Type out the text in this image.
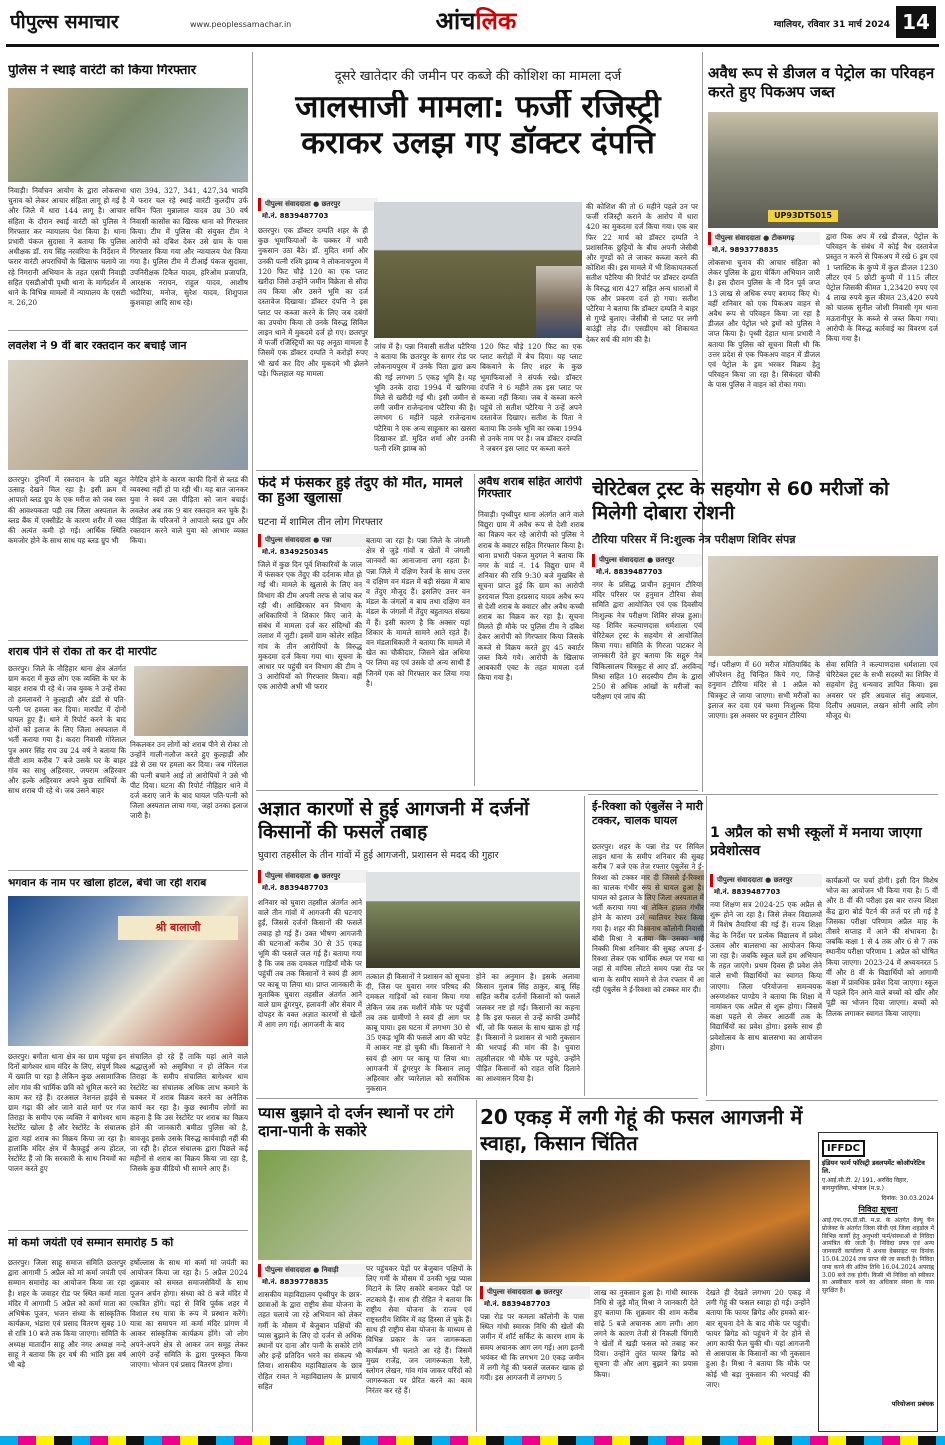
पीपुल्स समाचार	www.peoplessamachar.in	आंचलिक	ग्वालियर, रविवार 31 मार्च 2024 14
पुलिस ने स्थाई वारंटी को किया गिरफ्तार
निवाड़ी। निर्वाचन आयोग के द्वारा लोकसभा चुनाव को लेकर आचार संहिता लागू हो गई है और जिले में धारा 144 लागू है। आचार संहिता के दौरान स्थाई वारंटी को पुलिस ने गिरफ्तार कर न्यायालय पेश किया है। थाना प्रभारी पंकज सुदासा ने बताया कि पुलिस अधीक्षक डॉ. राय सिंह नरवरिया के निर्देशन में फरार वारंटी अपराधियों के खिलाफ चलाये जा रहे निगरानी अभियान के तहत एसपी निवाड़ी सहित एसडीओपी पृथ्वी थाना के मार्गदर्शन में थाने के विभिन्न मामलों में न्यायालय के एसटी न. 26,20
धारा 394, 327, 341, 427,34 भादवि में फरार चल रहे स्थाई वारंटी कुलदीप उर्फ सचिन पिता मुन्नालाल यादव उम्र 30 वर्ष निवासी कासोंस का खिरक थाना को गिरफ्तार किया। टीम में पुलिस की संयुक्त टीम ने आरोपी को दबिश देकर उसे ग्राम के पास गिरफ्तार किया गया और न्यायालय पेश किया गया है। पुलिस टीम में टीआई पंकज सुदासा, उपनिरीक्षक टिकैत यादव, हरिओम प्रजापति, आरक्षक नरायन, राहुल यादव, आशीष भदौरिया, मनोज, सुरेश यादव, शिशुपाल कुशवाहा आदि साथ रहे।
लवलेश ने 9 वीं बार रक्तदान कर बचाई जान
छतरपुर। दुनियाँ में रक्तदान के प्रति बहुत उत्साह देखने मिल रहा है। इसी क्रम में आपातो ब्लड ग्रुप के एक मरीज को जब रक्त की आवश्यकता पड़ी तब जिला अस्पताल के ब्लड बैंक में एक्सीडेंट के कारण शरीर में रक्त की अत्यंत कमी हो गई। आर्थिक स्थिति कमजोर होने के साथ साथ यह ब्लड ग्रुप भी
नेगेटिव होने के कारण काफी दिनों से ब्लड की व्यवस्था नहीं हो पा रही थी। यह बात जानकर युवा ने स्वयं उस पीड़िता को जान बचाई। लवलेश अब तक 9 बार रक्तदान कर चुके हैं। पीड़िता के परिजनों ने आपातो ब्लड ग्रुप और रक्तदान करने वाले युवा को आभार व्यक्त किया।
शराब पीने से रोका तो कर दी मारपीट
छतरपुर। जिले के नौहिहार थाना क्षेत्र अंतर्गत ग्राम कदरा में कुछ लोग एक व्यक्ति के घर के बाहर शराब पी रहे थे। जब युवक ने उन्हें रोका तो हमलावरों ने कुल्हाड़ी और डंडों से पति-पत्नी पर हमला कर दिया। मारपीट में दोनों घायल हुए हैं। थाने में रिपोर्ट करने के बाद दोनों को इलाज के लिए जिला अस्पताल में भर्ती कराया गया है। कदरा निवासी गोरेलाल पुत्र अमर सिंह राय उम्र 24 वर्ष ने बताया कि वीती शाम करीब 7 बजे उसके घर के बाहर गांव का साधु अहिरवार, जयराम अहिरवार और हल्के अहिरवार अपने कुछ साथियों के साथ शराब पी रहे थे। जब उसने बाहर
निकलकर उन लोगों को शराब पीने से रोका तो उन्होंने गाली-गलौज करते हुए कुल्हाड़ी और डंडे से उस पर हमला कर दिया। जब गोरेलाल की पत्नी बचाने आई तो आरोपियों ने उसे भी पीट दिया। घटना की रिपोर्ट नौहिहार थाने में दर्ज कराए जाने के बाद घायल पति-पत्नी को जिला अस्पताल लाया गया, जहां उनका इलाज जारी है।
भगवान के नाम पर खोला होटल, बेची जा रही शराब
श्री बालाजी
छतरपुर। बगौता थाना क्षेत्र का ग्राम पहुंचा इन दिनों बागेश्वर धाम मंदिर के लिए, संपूर्ण विश्व में ख्याति पा रहा है लेकिन कुछ असामाजिक लोग गांव की धार्मिक छवि को धूमिल करने का काम कर रहे हैं। दरअसल नेशनल हाईवे से ग्राम गढ़ा की ओर जाने वाले मार्ग पर गंज तिराहा के समीप एक व्यक्ति ने बागेश्वर धाम रेस्टोरेंट खोला है और रेस्टोरेंट के संचालक द्वारा यहां शराब का विक्रय किया जा रहा है। हालांकि मंदिर क्षेत्र में कैफ़हुई अन्य होटल, रेस्टोरेंट हैं जो कि सरकारी के साथ नियमों का पालन करते हुए
संचालित हो रहे हैं ताकि यहां आने वाले श्रद्धालुओं को असुविधा न हो लेकिन गंज तिराहा के समीप संचालित बागेश्वर धाम रेस्टोरेंट का संचालक अधिक लाभ कमाने के चक्कर में शराब विक्रय करने का अनैतिक कार्य कर रहा है। कुछ स्थानीय लोगों का कहना है कि उस रेस्टोरेंट पर शराब का विक्रय होने की जानकारी बमीठा पुलिस को है, बावजूद इसके उसके विरुद्ध कार्यवाही नहीं की जा रही है। होटल संचालक द्वारा पिछले कई महीनों से शराब का विक्रय किया जा रहा है, जिसके कुछ वीडियो भी सामने आए हैं।
मां कर्मा जयंती एवं सम्मान समारोह 5 को
छतरपुर। जिला साहू समाज समिति छतरपुर द्वारा आगामी 5 अप्रैल को मां कर्मा जयंती एवं सम्मान समारोह का आयोजन किया जा रहा है। शहर के जवाहर रोड पर स्थित कर्मा माता मंदिर में आगामी 5 अप्रैल को कर्मा माता का अभिषेक पूजन, भजन संध्या के सांस्कृतिक कार्यक्रम, भंडारा एवं प्रसाद वितरण सुबह 10 से रात्रि 10 बजे तक किया जाएगा। समिति के अध्यक्ष मातादीन साहू और नगर अध्यक्ष नन्दे साहू ने बताया कि हर वर्ष की भांति इस वर्ष भी बड़े
हर्षोल्लास के साथ मां कर्मा मां जयंती का आयोजन किया जा रहा है। 5 अप्रैल 2024 शुक्रवार को समस्त समाजसेवियों के साथ पूजन अर्चन होगा। संध्या को 8 बजे मंदिर में एकत्रित होंगे। यहां से विधि पूर्वक शहर में विशाल रथ यात्रा के रूप में प्रस्थान करेंगे। यात्रा का समापन मां कर्मा मंदिर प्रांगण में आकर सांस्कृतिक कार्यक्रम होंगे। जो लोग अपने-अपने क्षेत्र से आकर जन समूह लेकर आएंगे उन्हें समिति के द्वारा पुरस्कृत किया जाएगा। भोजन एवं प्रसाद वितरण होगा।
दूसरे खातेदार की जमीन पर कब्जे की कोशिश का मामला दर्ज
जालसाजी मामला: फर्जी रजिस्ट्री कराकर उलझ गए डॉक्टर दंपत्ति
पीपुल्स संवाददाता ● छतरपुर
मो.नं. 8839487703
छतरपुर। एक डॉक्टर दम्पति शहर के ही कुछ भूमाफियाओं के चक्कर में भारी नुकसान उठा बैठे। डॉ. मुदित शर्मा और उनकी पत्नी रश्मि झाम्ब ने लोकनायपुरम में 120 फिट चौड़े 120 का एक प्लाट खरीदा जिसे उन्होंने जमीन विक्रेता से सौदा तय किया और उसने भूमि का दर्ज दस्तावेज दिखाया। डॉक्टर दंपत्ति ने इस प्लाट पर कब्जा करने के लिए जब दबंगों का उपयोग किया तो उनके विरुद्ध सिविल लाइन थाने में मुकदमे दर्ज हो गए। छतरपुर में फर्जी रजिस्ट्रियों का यह अनूठा मामला है जिसमें एक डॉक्टर दम्पति ने करोड़ों रुपए भी खर्च कर दिए और मुकदमे भी झेलने पड़े। फिलहाल यह मामला
जांच में है। पन्ना निवासी सतीश पटैरिया ने बताया कि छतरपुर के सागर रोड पर लोकनायपुरम में उनके पिता द्वारा क्रय की गई लगभग 5 एकड़ भूमि है। यह भूमि उनके दादा 1994 में खरिगवा मिले से खरीदी गई थी। इसी जमीन से लगी जमीन राजेन्द्रनाथ पटैरिया की है। लगभग 6 महीने पहले राजेन्द्रनाथ पटैरिया ने एक अन्य साहूकार का खसरा दिखाकर डॉ. मुदित शर्मा और उनकी पत्नी रश्मि झाम्ब को
120 फिट चौड़े 120 फिट का एक प्लाट करोड़ों में बेच दिया। यह प्लाट बिकवाने के लिए शहर के कुछ भूमाफियाओं ने संपर्क रखे। डॉक्टर दंपत्ति ने 6 महीने तक इस प्लाट पर कब्जा नहीं किया। जब वे कब्जा करने पहुंचे तो सतीश पटैरिया ने उन्हें अपने दस्तावेज दिखाए। सतीश के पिता ने बताया कि उनके भूमि का रकबा 1994 से उनके नाम पर है। जब डॉक्टर दम्पति ने जबरन इस प्लाट पर कब्जा करने
की कोशिश की तो 6 महीने पहले उन पर फर्जी रजिस्ट्री कराने के आरोप में धारा 420 का मुकदमा दर्ज किया गया। एक बार फिर 22 मार्च को डॉक्टर दम्पति ने प्रशासनिक छुट्टियों के बीच अपनी जेसीबी और गुण्डों को ले जाकर कब्जा करने की कोशिश की। इस मामले में भी शिकायतकर्ता सतीश पटैरिया की रिपोर्ट पर डॉक्टर दम्पति के विरुद्ध धारा 427 सहित अन्य धाराओं में एक और प्रकरण दर्ज हो गया। सतीश पटैरिया ने बताया कि डॉक्टर दम्पति ने बाहर से गुण्डे बुलाए। जेसीबी से प्लाट पर लगी बाउंड्री तोड़ दी। एसडीएम को शिकायत देकर सर्च की मांग की है।
फंदे में फंसकर हुई तेंदुए की मौत, मामले का हुआ खुलासा
घटना में शामिल तीन लोग गिरफ्तार
पीपुल्स संवाददाता ● पन्ना
मो.नं. 8349250345
जिले में कुछ दिन पूर्व शिकारियों के जाल में फंसकर एक तेंदुए की दर्दनाक मौत हो गई थी। मामले के खुलासे के लिए वन विभाग की टीम अपनी तरफ से जांच कर रही थी। आखिरकार वन विभाग के अधिकारियों ने शिकार किए जाने के संबंध में मामला दर्ज कर संदिग्धों की तलाश में जुटी। इसमें ग्राम कोलेर सहित गांव के तीन आरोपियों के विरुद्ध मुकदमा दर्ज किया गया था। सूचना के आधार पर पहुंची वन विभाग की टीम ने 3 आरोपियों को गिरफ्तार किया। वहीं एक आरोपी अभी भी फरार
बताया जा रहा है। पन्ना जिले के जंगली क्षेत्र से जुड़े गांवों व खेतों में जंगली जानवरों का आनाजाना लगा रहता है। पन्ना जिले में दक्षिण रेंजर्व के साथ उत्तर व दक्षिण वन मंडल में बड़ी संख्या में बाघ व तेंदुए मौजूद हैं। इसलिए उत्तर वन मंडल के जंगलों व बाघ तथा दक्षिण वन मंडल के जंगलों में तेंदुए बहुतायत संख्या में हैं। इसी कारण है कि अक्सर यहां शिकार के मामले सामने आते रहते हैं। वन मंडलाधिकारी ने बताया कि मामले में खेत का चौकीदार, जिसने खेत अधिया पर लिया वह एवं उसके दो अन्य साथी हैं जिनमें एक को गिरफ्तार कर लिया गया है।
अवैध शराब सहित आरोपी गिरफ्तार
निवाड़ी। पृथ्वीपुर थाना अंतर्गत आने वाले विद्युरा ग्राम में अवैध रूप से देशी शराब का विक्रय कर रहे आरोपी को पुलिस ने शराब के क्वाटर सहित गिरफ्तार किया है। थाना प्रभारी पंकज मुदगल ने बताया कि नगर के वार्ड नं. 14 विद्युरा ग्राम में शनिवार की रात्रि 9:30 बजे मुखबिर से सूचना प्राप्त हुई कि ग्राम का आरोपी हरदयाल पिता हरप्रसाद यादव अवैध रूप से देशी शराब के क्वाटर और अवैध कच्ची शराब का विक्रय कर रहा है। सूचना मिलते ही मौके पर पुलिस टीम ने दबिश देकर आरोपी को गिरफ्तार किया जिसके कब्जे से विक्रय करते हुए 45 क्वार्टर जब्त किये गये। आरोपी के खिलाफ आबकारी एक्ट के तहत मामला दर्ज किया गया है।
अज्ञात कारणों से हुई आगजनी में दर्जनों किसानों की फसलें तबाह
घुवारा तहसील के तीन गांवों में हुई आगजनी, प्रशासन से मदद की गुहार
पीपुल्स संवाददाता ● छतरपुर
मो.नं. 8839487703
शनिवार को घुवारा तहसील अंतर्गत आने वाले तीन गांवों में आगजनी की घटनाएं हुईं, जिससे दर्जनों किसानों की फसलें तबाह हो गई हैं। उक्त भीषण आगजनी की घटनाओं करीब 30 से 35 एकड़ भूमि की फसलें जल गई हैं। बताया गया है कि जब तक दमकल गाड़ियाँ मौके पर पहुंचीं तब तक किसानों ने स्वयं ही आग पर काबू पा लिया था। प्राप्त जानकारी के मुताबिक घुवारा तहसील अंतर्गत आने वाले ग्राम डूंगरपुर, हलावनी और सेवार में दोपहर के वक्त अज्ञात कारणों से खेतों में आग लग गई। आगजनी के बाद
तत्काल ही किसानों ने प्रशासन को सूचना दी, जिस पर घुवारा नगर परिषद की दमकल गाड़ियों को रवाना किया गया लेकिन जब तक मशीनें मौके पर पहुंचीं तब तक ग्रामीणों ने स्वयं ही आग पर काबू पाया। इस घटना में लगभग 30 से 35 एकड़ भूमि की फसलें आग की चपेट में आकर नष्ट हो चुकी थीं। किसानों ने स्वयं ही आग पर काबू पा लिया था। आगजनी में डूंगरपुर के किसान लालू अहिरवार और प्यारेलाल को सर्वाधिक नुकसान
होने का अनुमान है। इसके अलावा किसान गुलाब सिंह ठाकुर, बाबू सिंह सहित करीब दर्जनों किसानों को फसलें जलकर नष्ट हो गईं। किसानों का कहना है कि इस फसल से उन्हें काफी उम्मीदें थीं, जो कि फसल के साथ खाक हो गई हैं। किसानों ने प्रशासन से भारी नुकसान की भरपाई की मांग की है। घुवारा तहसीलदार भी मौके पर पहुंचे, उन्होंने पीड़ित किसानों को राहत राशि दिलाने का आश्वासन दिया है।
प्यास बुझाने दो दर्जन स्थानों पर टांगे दाना-पानी के सकोरे
पीपुल्स संवाददाता ● निवाड़ी
मो.नं. 8839778835
शासकीय महाविद्यालय पृथ्वीपुर के छात्र-छात्राओं के द्वारा राष्ट्रीय सेवा योजना के तहत चलाये जा रहे अभियान को लेकर गर्मी के मौसम में बेजुबान पक्षियों की प्यास बुझाने के लिए दो दर्जन से अधिक स्थानों पर दाना और पानी के सकोरे टांगे और इन्हें प्रतिदिन भरने का संकल्प भी लिया। शासकीय महाविद्यालय के छात्र रोहित रावत ने महाविद्यालय के प्राचार्य सहित
पर पहुंचकर पेड़ों पर बेजुबान पक्षियों के लिए गर्मी के मौसम में उनकी भूख प्यास मिटाने के लिए सकोरे बनाकर पेड़ों पर लटकाये हैं। साथ ही रोहित ने बताया कि राष्ट्रीय सेवा योजना के राज्य एवं राष्ट्रस्तरीय शिविर में वह हिस्सा ले चुके हैं। साथ ही राष्ट्रीय सेवा योजना के माध्यम से विभिन्न प्रकार के जन जागरूकता कार्यक्रम भी चलाते आ रहे हैं। जिसमें मुख्य राजेंद्र, जन जागरूकता रैली, स्लोगन लेखन, गांव गांव जाकर परिंदों को जागरूकता पर प्रेरित करने का काम निरंतर कर रहे हैं।
20 एकड़ में लगी गेहूं की फसल आगजनी में स्वाहा, किसान चिंतित
पीपुल्स संवाददाता ● छतरपुर
मो.नं. 8839487703
पन्ना रोड पर कमला कॉलोनी के पास स्थित गांधी स्मारक निधि की खेतों की जमीन में शॉर्ट सर्किट के कारण शाम के समय अचानक आग लग गई। आग इतनी भयंकर थी कि लगभग 20 एकड़ जमीन में लगी गेहूं की फसलें जलकर खाक हो गयीं। इस आगजनी में लगभग 5
लाख का नुकसान हुआ है। गांधी स्मारक निधि से जुड़े मौत् मिश्रा ने जानकारी देते हुए बताया कि शुक्रवार की शाम करीब सांढ़े 5 बजे अचानक आग लगी। आग लगने के कारण तेजी से निकली चिंगारी ने खेतों में खड़ी फसल को तबाह कर दिया। उन्होंने तुरंत फायर ब्रिगेड को सूचना दी और आग बुझाने का प्रयास किया।
देखते ही देखते लगभग 20 एकड़ में लगी गेहूं की फसल स्वाहा हो गई। उन्होंने बताया कि फायर ब्रिगेड और हमको बार-बार सूचना देने के बाद मौके पर पहुंची। फायर ब्रिगेड को पहुंचने में देर होने से आग काफी फैल चुकी थी। यहां आगजनी से आसपास के किसानों का भी नुकसान हुआ है। मिश्रा ने बताया कि मौके पर कोई भी बड़ा नुकसान की भरपाई की जाए।
अवैध रूप से डीजल व पेट्रोल का परिवहन करते हुए पिकअप जब्त
UP93DT5015
पीपुल्स संवाददाता ● टीकमगढ़
मो.नं. 9893778835
लोकसभा चुनाव की आचार संहिता को लेकर पुलिस के द्वारा चेकिंग अभियान जारी है। इस दौरान पुलिस के नौ दिन पूर्व जप्त 13 लाख से अधिक रुपए बरामद किए थे। वहीं शनिवार को एक पिकअप वाहन से अवैध रूप से परिवहन किया जा रहा है डीजल और पेट्रोल भरे ड्रमों को पुलिस ने जप्त किया है। पृथ्वी देहात थाना प्रभारी ने बताया कि पुलिस को सूचना मिली थी कि उत्तर प्रदेश से एक पिकअप वाहन में डीजल एवं पेट्रोल के ड्रम भरकर विक्रय हेतु परिवहन किया जा रहा है। सिकंदरा चौकी के पास पुलिस ने वाहन को रोका गया।
द्वारा पिक अप में रखे डीजल, पेट्रोल के परिवहन के संबंध में कोई वैध दस्तावेज प्रस्तुत न करने से पिकअप में रखे 6 ड्रम एवं 1 प्लास्टिक के कुप्पे में कुल डीजल 1230 लीटर एवं 5 छोटी कुप्पी में 115 लीटर पेट्रोल जिसकी कीमत 1,23420 रुपए एवं 4 लाख रुपये कुल कीमत 23,420 रुपये को चालक सुनील जोशी निवासी गृम थाना मऊरानीपुर के कब्जे से जब्त किया गया। आरोपी के विरुद्ध कार्रवाई का विवरण दर्ज किया गया है।
चेरिटेबल ट्रस्ट के सहयोग से 60 मरीजों को मिलेगी दोबारा रोशनी
टौरिया परिसर में नि:शुल्क नेत्र परीक्षण शिविर संपन्न
पीपुल्स संवाददाता ● छतरपुर
मो.नं. 8839487703
नगर के प्रसिद्ध प्राचीन हनुमान टौरिया मंदिर परिसर पर हनुमान टौरिया सेवा समिति द्वारा आयोजित एवं एक दिवसीय निःशुल्क नेत्र परीक्षण शिविर संपन्न हुआ। यह शिविर कल्याणदास धर्मशाला एवं चेरिटेबल ट्रस्ट के सहयोग से आयोजित किया गया। समिति के गिरजा पाटकर ने जानकारी देते हुए बताया कि सद्गुरु नेत्र चिकित्सालय चित्रकूट से आए डॉ. अरविन्द मिश्रा सहित 10 सदस्यीय टीम के द्वारा 250 से अधिक आंखों के मरीजों का परीक्षण एवं जांच की
गई। परीक्षण में 60 मरीज मोतियाबिंद के ऑपरेशन हेतु चिन्हित किये गए, जिन्हें हनुमान टौरिया मंदिर से 1 अप्रैल को चित्रकूट ले जाया जाएगा। सभी मरीजों का इलाज कर दवा एवं चश्मा निःशुल्क दिया जाएगा। इस अवसर पर हनुमान टौरिया
सेवा समिति ने कल्याणदास धर्मशाला एवं चेरिटेबल ट्रस्ट के सभी सदस्यों का शिविर में सहयोग हेतु धन्यवाद ज्ञापित किया। इस अवसर पर हरि अग्रवाल संतु अग्रवाल, दिलीप अग्रवाल, लखन सोनी आदि लोग मौजूद थे।
ई-रिक्शा को एंबुलेंस ने मारी टक्कर, चालक घायल
छतरपुर। शहर के पन्ना रोड पर सिविल लाइन थाना के समीप शनिवार की सुबह करीब 7 बजे एक तेज रफ्तार एंबुलेंस ने ई-रिक्शा को टक्कर मार दी जिससे ई-रिक्शा का चालक गंभीर रूप से घायल हुआ है। घायल को इलाज के लिए जिला अस्पताल में भर्ती कराया गया था लेकिन हालत गंभीर होने के कारण उसे ग्वालियर रेफर किया गया है। शहर की विश्वनाथ कॉलोनी निवासी बॉबी मिश्रा ने बताया कि उसका भाई निक्की मिश्रा शनिवार की सुबह अपना ई-रिक्शा लेकर एक धार्मिक स्थल पर गया था जहां से वापिस लौटते समय पन्ना रोड पर थाना के समीप सामने से तेज रफ्तार में आ रही एंबुलेंस ने ई-रिक्शा को टक्कर मार दी।
1 अप्रैल को सभी स्कूलों में मनाया जाएगा प्रवेशोत्सव
पीपुल्स संवाददाता ● छतरपुर
मो.नं. 8839487703
नया शिक्षण सत्र 2024-25 एक अप्रैल से शुरू होने जा रहा है। जिसे लेकर विद्यालयों में विशेष तैयारियां की गई हैं। राज्य शिक्षा केंद्र के निर्देश पर प्रत्येक विद्यालय में प्रवेश उत्सव और बालसभा का आयोजन किया जा रहा है। जबकि स्कूल चलें हम अभियान के तहत जाएंगे। प्रथम दिवस ही प्रवेश लेने वाले सभी विद्यार्थियों का स्वागत किया जाएगा। जिला परियोजना समन्वयक अरुणशंकर पाण्डेय ने बताया कि शिक्षा में नामांकन एक अप्रैल से शुरू होगा। जिसमें कक्षा पहले से लेकर आठवीं तक के विद्यार्थियों का प्रवेश होगा। इसके साथ ही प्रवेशोत्सव के साथ बालसभा का आयोजन होगा।
कार्यक्रमों पर चर्चा होगी। इसी दिन विशेष भोज का आयोजन भी किया गया है। 5 वीं और 8 वीं की परीक्षा इस बार राज्य शिक्षा केंद्र द्वारा बोर्ड पैटर्न की तर्ज पर ली गई है जिसका परीक्षा परिणाम अप्रैल माह के तीसरे सप्ताह में आने की संभावना है। जबकि कक्षा 1 से 4 तक और 6 से 7 तक स्थानीय परीक्षा परिणाम 1 अप्रैल को घोषित किया जाएगा। 2023-24 में अध्ययनरत 5 वीं और 8 वीं के विद्यार्थियों को आगामी कक्षा में प्रावधिक प्रवेश दिया जाएगा। स्कूल में पहले दिन आने वाले बच्चों को खीर और पूड़ी का भोजन दिया जाएगा। बच्चों को तिलक लगाकर स्वागत किया जाएगा।
IFFDC
इंडियन फार्म फॉरेस्ट्री डवलपमेंट कोऑपरेटिव लि.
ए.आई.सी.टी. 2/ 191, अरविंद विहार, बागमुगलिया, भोपाल (म.प्र.)
दिनांक: 30.03.2024
निविदा सूचना
आई.एफ.एफ.डी.सी. म.प्र. के अंतर्गत वैल्यू चैन प्रोजेक्ट के अंतर्गत जिला सीधी एवं जिला शहडोल में विभिन्न कार्यों हेतु अनुभवी फर्म/संस्थाओं से निविदा आमंत्रित की जाती है। निविदा प्रपत्र एवं अन्य जानकारी कार्यालय में अथवा वेबसाइट पर दिनांक 15.04.2024 तक प्राप्त की जा सकती है। निविदा जमा करने की अंतिम तिथि 16.04.2024 अपराह्न 3.00 बजे तक होगी। किसी भी निविदा को स्वीकार या अस्वीकार करने का अधिकार संस्था के पास सुरक्षित है।
परियोजना प्रबंधक
